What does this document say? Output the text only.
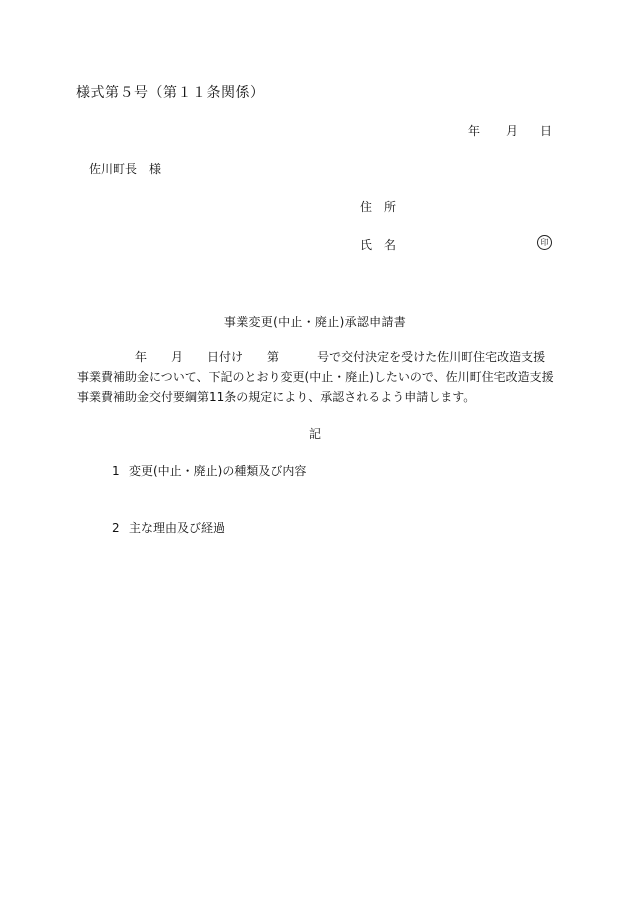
様式第５号（第１１条関係）
年 月 日
佐川町長　様
住所
氏名	印
事業変更(中止・廃止)承認申請書
年 月 日付け 第	号で交付決定を受けた佐川町住宅改造支援
事業費補助金について、下記のとおり変更(中止・廃止)したいので、佐川町住宅改造支援
事業費補助金交付要綱第11条の規定により、承認されるよう申請します。
記
1 変更(中止・廃止)の種類及び内容
2 主な理由及び経過
